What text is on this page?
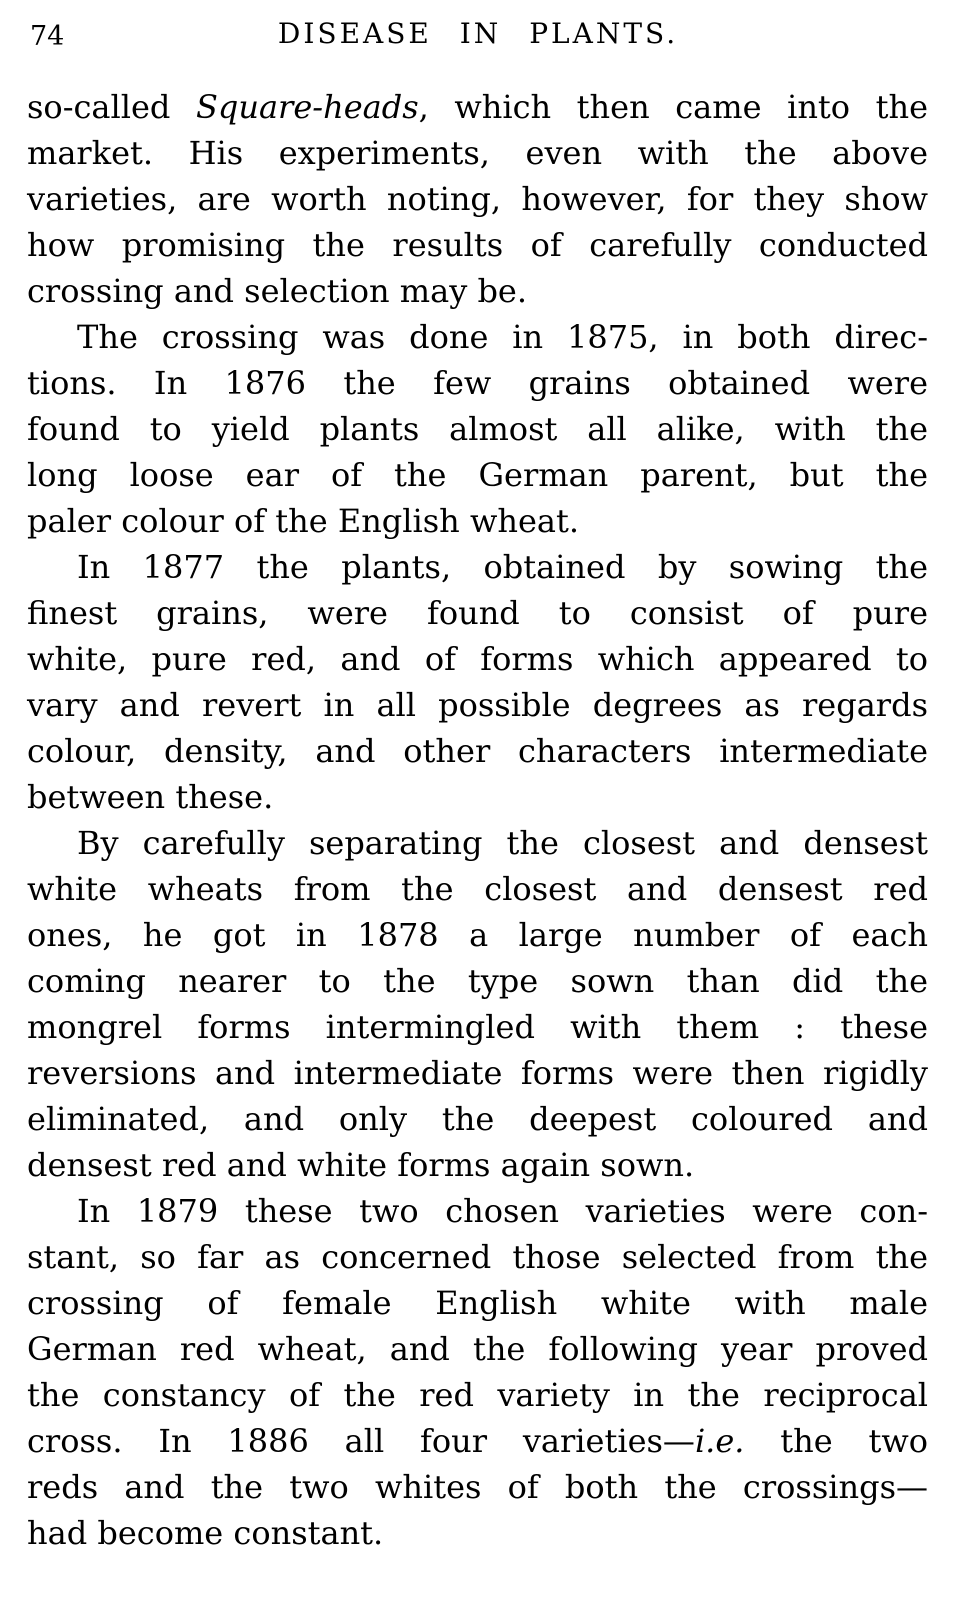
74	DISEASE IN PLANTS.
so-called Square-heads, which then came into the
market. His experiments, even with the above
varieties, are worth noting, however, for they show
how promising the results of carefully conducted
crossing and selection may be.
The crossing was done in 1875, in both direc-
tions. In 1876 the few grains obtained were
found to yield plants almost all alike, with the
long loose ear of the German parent, but the
paler colour of the English wheat.
In 1877 the plants, obtained by sowing the
finest grains, were found to consist of pure
white, pure red, and of forms which appeared to
vary and revert in all possible degrees as regards
colour, density, and other characters intermediate
between these.
By carefully separating the closest and densest
white wheats from the closest and densest red
ones, he got in 1878 a large number of each
coming nearer to the type sown than did the
mongrel forms intermingled with them : these
reversions and intermediate forms were then rigidly
eliminated, and only the deepest coloured and
densest red and white forms again sown.
In 1879 these two chosen varieties were con-
stant, so far as concerned those selected from the
crossing of female English white with male
German red wheat, and the following year proved
the constancy of the red variety in the reciprocal
cross. In 1886 all four varieties—i.e. the two
reds and the two whites of both the crossings—
had become constant.
